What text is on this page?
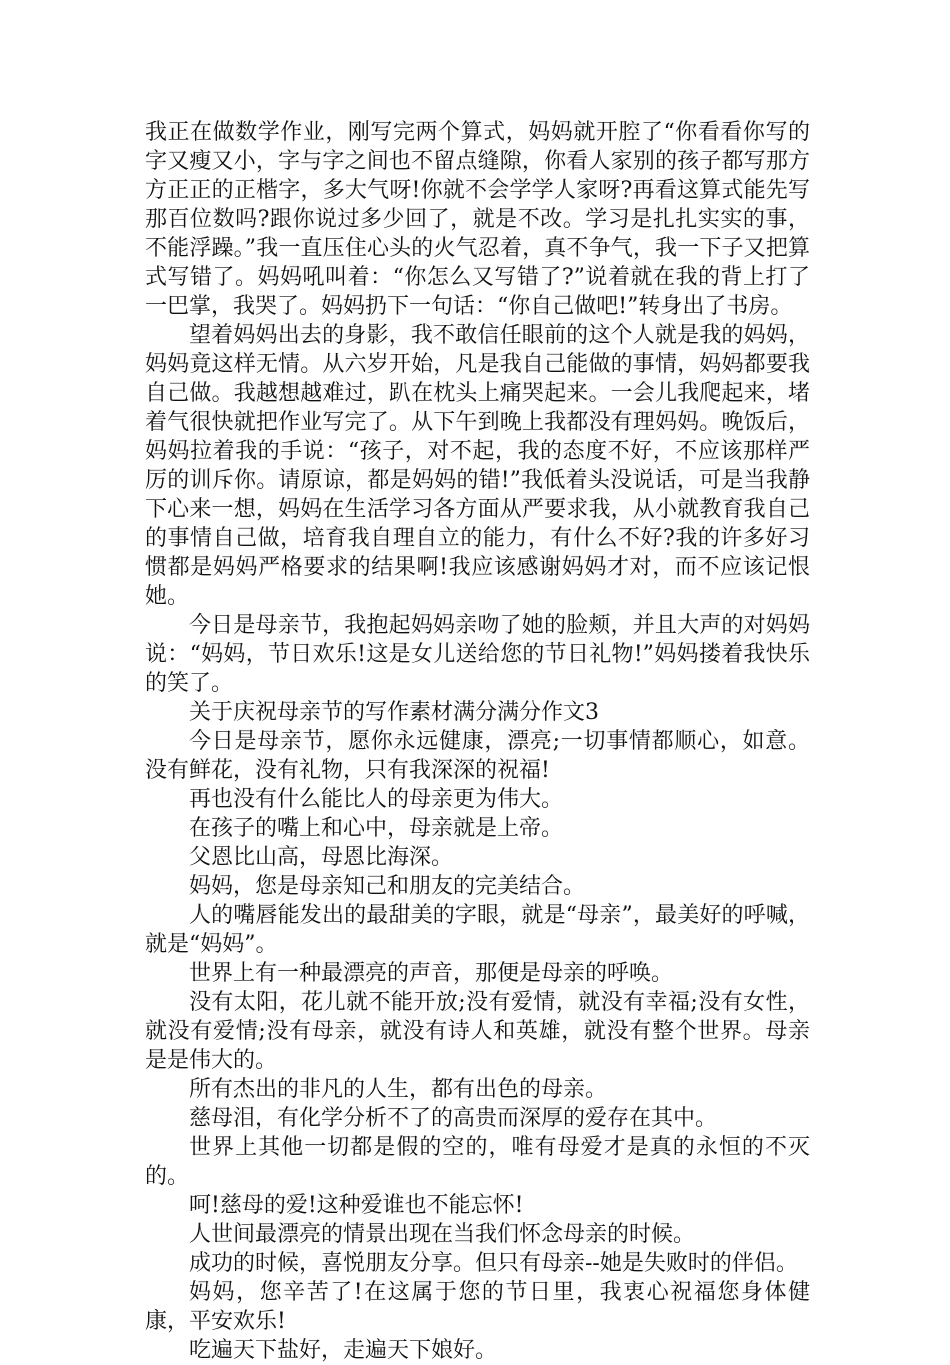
我正在做数学作业，刚写完两个算式，妈妈就开腔了“你看看你写的字又瘦又小，字与字之间也不留点缝隙，你看人家别的孩子都写那方方正正的正楷字，多大气呀!你就不会学学人家呀?再看这算式能先写那百位数吗?跟你说过多少回了，就是不改。学习是扎扎实实的事，不能浮躁。”我一直压住心头的火气忍着，真不争气，我一下子又把算式写错了。妈妈吼叫着：“你怎么又写错了?”说着就在我的背上打了一巴掌，我哭了。妈妈扔下一句话：“你自己做吧!”转身出了书房。

望着妈妈出去的身影，我不敢信任眼前的这个人就是我的妈妈，妈妈竟这样无情。从六岁开始，凡是我自己能做的事情，妈妈都要我自己做。我越想越难过，趴在枕头上痛哭起来。一会儿我爬起来，堵着气很快就把作业写完了。从下午到晚上我都没有理妈妈。晚饭后，妈妈拉着我的手说：“孩子，对不起，我的态度不好，不应该那样严厉的训斥你。请原谅，都是妈妈的错!”我低着头没说话，可是当我静下心来一想，妈妈在生活学习各方面从严要求我，从小就教育我自己的事情自己做，培育我自理自立的能力，有什么不好?我的许多好习惯都是妈妈严格要求的结果啊!我应该感谢妈妈才对，而不应该记恨她。

今日是母亲节，我抱起妈妈亲吻了她的脸颊，并且大声的对妈妈说：“妈妈，节日欢乐!这是女儿送给您的节日礼物!”妈妈搂着我快乐的笑了。

关于庆祝母亲节的写作素材满分满分作文3

今日是母亲节，愿你永远健康，漂亮;一切事情都顺心，如意。没有鲜花，没有礼物，只有我深深的祝福!

再也没有什么能比人的母亲更为伟大。

在孩子的嘴上和心中，母亲就是上帝。

父恩比山高，母恩比海深。

妈妈，您是母亲知己和朋友的完美结合。

人的嘴唇能发出的最甜美的字眼，就是“母亲”，最美好的呼喊，就是“妈妈”。

世界上有一种最漂亮的声音，那便是母亲的呼唤。

没有太阳，花儿就不能开放;没有爱情，就没有幸福;没有女性，就没有爱情;没有母亲，就没有诗人和英雄，就没有整个世界。母亲是是伟大的。

所有杰出的非凡的人生，都有出色的母亲。

慈母泪，有化学分析不了的高贵而深厚的爱存在其中。

世界上其他一切都是假的空的，唯有母爱才是真的永恒的不灭的。

呵!慈母的爱!这种爱谁也不能忘怀!

人世间最漂亮的情景出现在当我们怀念母亲的时候。

成功的时候，喜悦朋友分享。但只有母亲--她是失败时的伴侣。

妈妈，您辛苦了!在这属于您的节日里，我衷心祝福您身体健康，平安欢乐!

吃遍天下盐好，走遍天下娘好。
